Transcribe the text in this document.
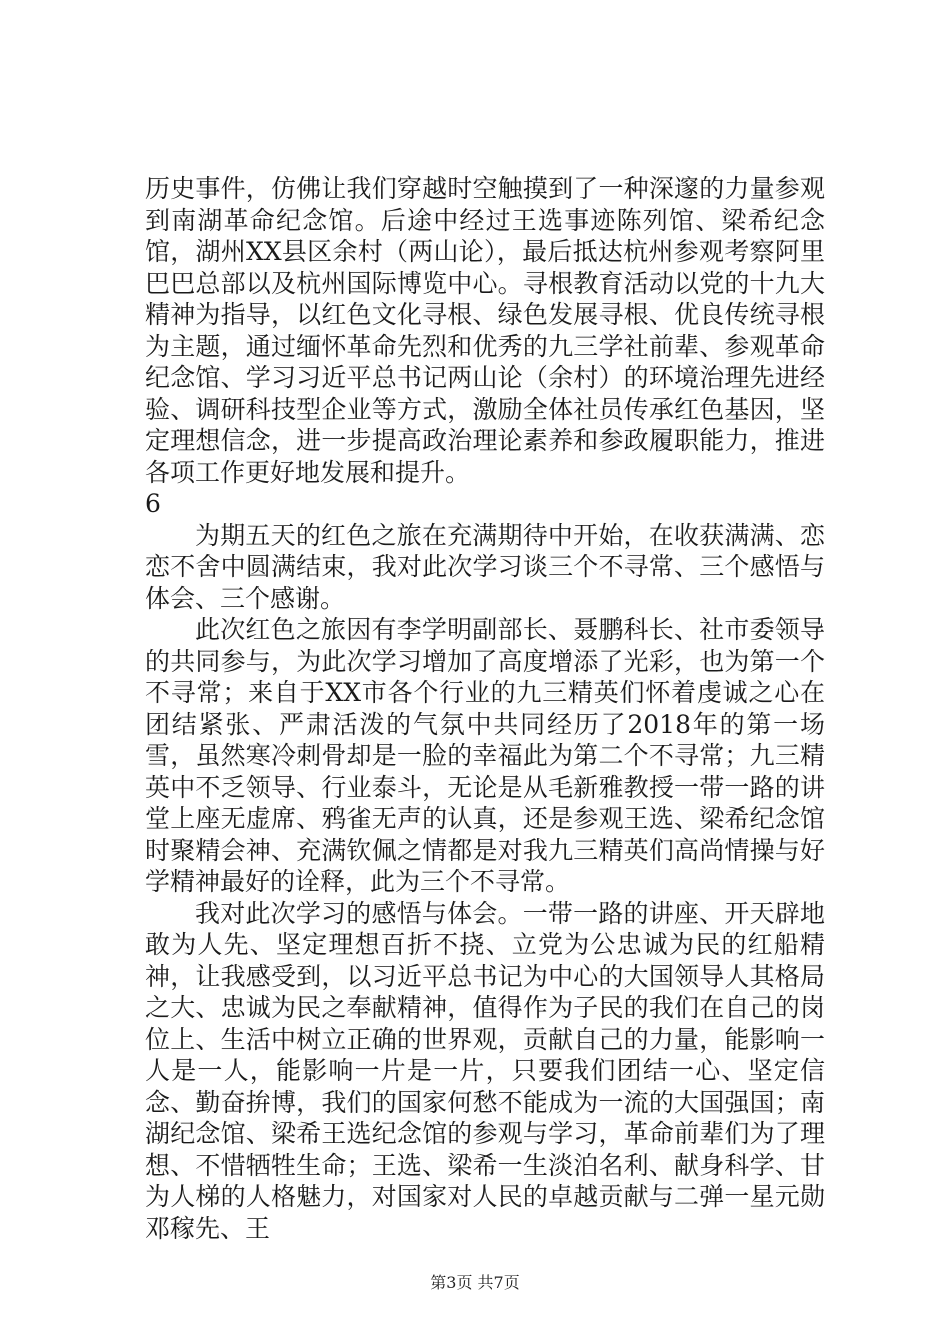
历史事件，仿佛让我们穿越时空触摸到了一种深邃的力量参观到南湖革命纪念馆。后途中经过王选事迹陈列馆、梁希纪念馆，湖州XX县区余村（两山论），最后抵达杭州参观考察阿里巴巴总部以及杭州国际博览中心。寻根教育活动以党的十九大精神为指导，以红色文化寻根、绿色发展寻根、优良传统寻根为主题，通过缅怀革命先烈和优秀的九三学社前辈、参观革命纪念馆、学习习近平总书记两山论（余村）的环境治理先进经验、调研科技型企业等方式，激励全体社员传承红色基因，坚定理想信念，进一步提高政治理论素养和参政履职能力，推进各项工作更好地发展和提升。

6

为期五天的红色之旅在充满期待中开始，在收获满满、恋恋不舍中圆满结束，我对此次学习谈三个不寻常、三个感悟与体会、三个感谢。

此次红色之旅因有李学明副部长、聂鹏科长、社市委领导的共同参与，为此次学习增加了高度增添了光彩，也为第一个不寻常；来自于XX市各个行业的九三精英们怀着虔诚之心在团结紧张、严肃活泼的气氛中共同经历了2018年的第一场雪，虽然寒冷刺骨却是一脸的幸福此为第二个不寻常；九三精英中不乏领导、行业泰斗，无论是从毛新雅教授一带一路的讲堂上座无虚席、鸦雀无声的认真，还是参观王选、梁希纪念馆时聚精会神、充满钦佩之情都是对我九三精英们高尚情操与好学精神最好的诠释，此为三个不寻常。

我对此次学习的感悟与体会。一带一路的讲座、开天辟地敢为人先、坚定理想百折不挠、立党为公忠诚为民的红船精神，让我感受到，以习近平总书记为中心的大国领导人其格局之大、忠诚为民之奉献精神，值得作为子民的我们在自己的岗位上、生活中树立正确的世界观，贡献自己的力量，能影响一人是一人，能影响一片是一片，只要我们团结一心、坚定信念、勤奋拚博，我们的国家何愁不能成为一流的大国强国；南湖纪念馆、梁希王选纪念馆的参观与学习，革命前辈们为了理想、不惜牺牲生命；王选、梁希一生淡泊名利、献身科学、甘为人梯的人格魅力，对国家对人民的卓越贡献与二弹一星元勋邓稼先、王

第3页 共7页
